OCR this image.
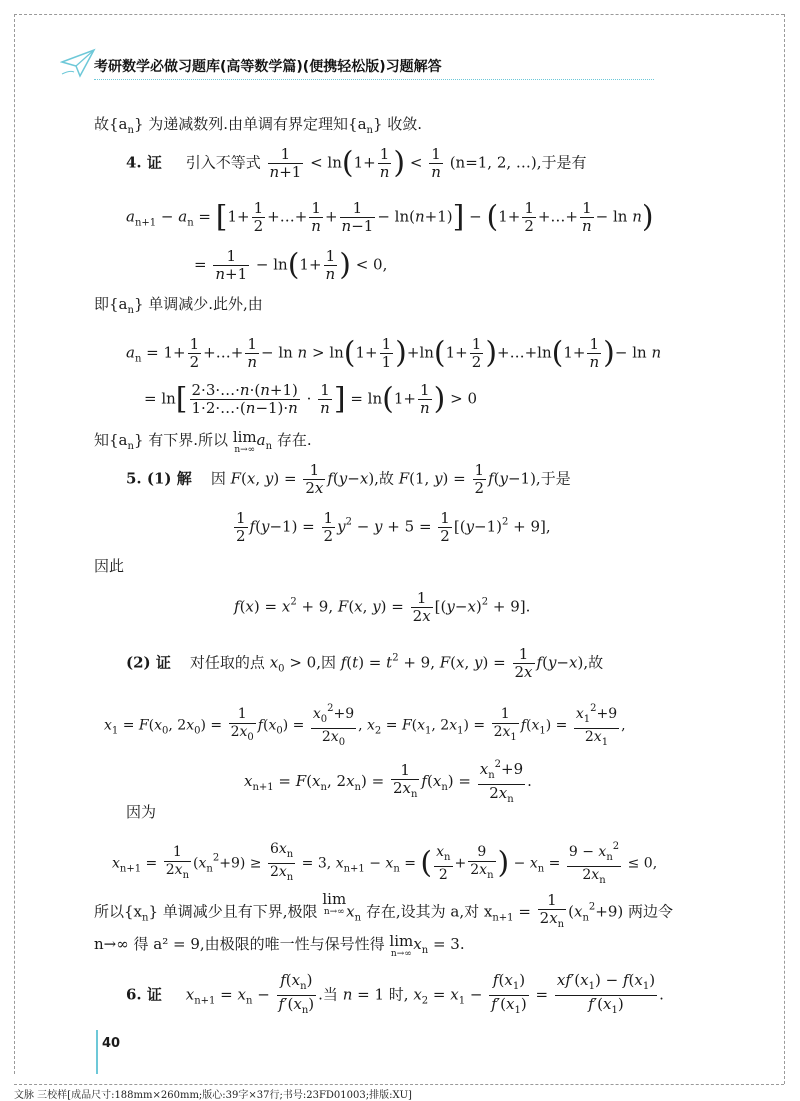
考研数学必做习题库(高等数学篇)(便携轻松版)习题解答
故$\{a_n\}$ 为递减数列.由单调有界定理知$\{a_n\}$ 收敛.
4. 证 引入不等式 $\frac{1}{n+1} < \ln(1+ \frac{1}{n}$ ) < $\frac{1}{n} (n=1$, 2, …),于是有
$a_{n+1} - a_n = [1+ \frac{1}{2}$ +…+ $\frac{1}{n} + \frac{1}{n-1} - \ln(n+1)] - (1+ \frac{1}{2}$ +…+ $\frac{1}{n} - \ln n$)
= $\frac{1}{n+1} - \ln(1+ \frac{1}{n}$ ) < 0,
即$\{a_n\}$ 单调减少.此外,由
$a_n = 1+ \frac{1}{2}$ +…+ $\frac{1}{n} - \ln n > \ln(1+ \frac{1}{1} )+\ln(1+ \frac{1}{2}$ )+…+ln(1+ $\frac{1}{n}$ )− ln n
= $\ln[ \frac{2\cdot 3\cdot\dots\cdot n\cdot(n+1)}{1\cdot 2\cdot\dots\cdot(n-1)\cdot n} \cdot \frac{1}{n}$ ] = $\ln(1+ \frac{1}{n}$ ) > 0
知$\{a_n\}$ 有下界.所以 lim
n→∞
$a_n$ 存在.
5. (1) 解    因 F(x, $y) = \frac{1}{2x} f(y-x)$,故 F(1, $y) = \frac{1}{2} f(y-1)$,于是
$\frac{1}{2} f(y-1) = \frac{1}{2} y^2 - y + 5 = \frac{1}{2} [(y-1)^2 + 9]$,
因此
$f(x) = x^2 + 9$, F(x, $y) = \frac{1}{2x} [(y-x)^2 + 9]$.
(2) 证    对任取的点 $x_0 > 0$,因 $f(t) = t^2 + 9$, F(x, $y) = \frac{1}{2x} f(y-x)$,故
$x_1 = F(x_0$, $2x_0) = \frac{1}{2x_0} f(x_0) = \frac{x_0^2+9}{2x_0}$ , $x_2 = F(x_1$, $2x_1) = \frac{1}{2x_1} f(x_1) = \frac{x_1^2+9}{2x_1}$ ,
$x_{n+1} = F(x_n$, $2x_n) = \frac{1}{2x_n} f(x_n) = \frac{x_n^2+9}{2x_n}$ .
因为
$x_{n+1} = \frac{1}{2x_n} (x_n^2+9) \ge \frac{6x_n}{2x_n} = 3$, $x_{n+1} - x_n$ = ( $\frac{x_n}{2} + \frac{9}{2x_n}$ ) − $x_n = \frac{9 - x_n^2}{2x_n} \le 0$,
所以$\{x_n\}$ 单调减少且有下界,极限
lim
n→∞ $x_n$ 存在,设其为 a,对 $x_{n+1} = \frac{1}{2x_n} (x_n^2+9)$ 两边令
n→∞ 得 a² = 9,由极限的唯一性与保号性得 lim
n→∞
$x_n = 3$.
6. 证 $x_{n+1} = x_n - \frac{f(x_n)}{f'(x_n)}$ .当 n = 1 时, $x_2 = x_1 - \frac{f(x_1)}{f'(x_1)} = \frac{xf'(x_1) - f(x_1)}{f'(x_1)}$ .
40
文脉 三校样[成品尺寸:188mm×260mm;版心:39字×37行;书号:23FD01003;排版:XU]
